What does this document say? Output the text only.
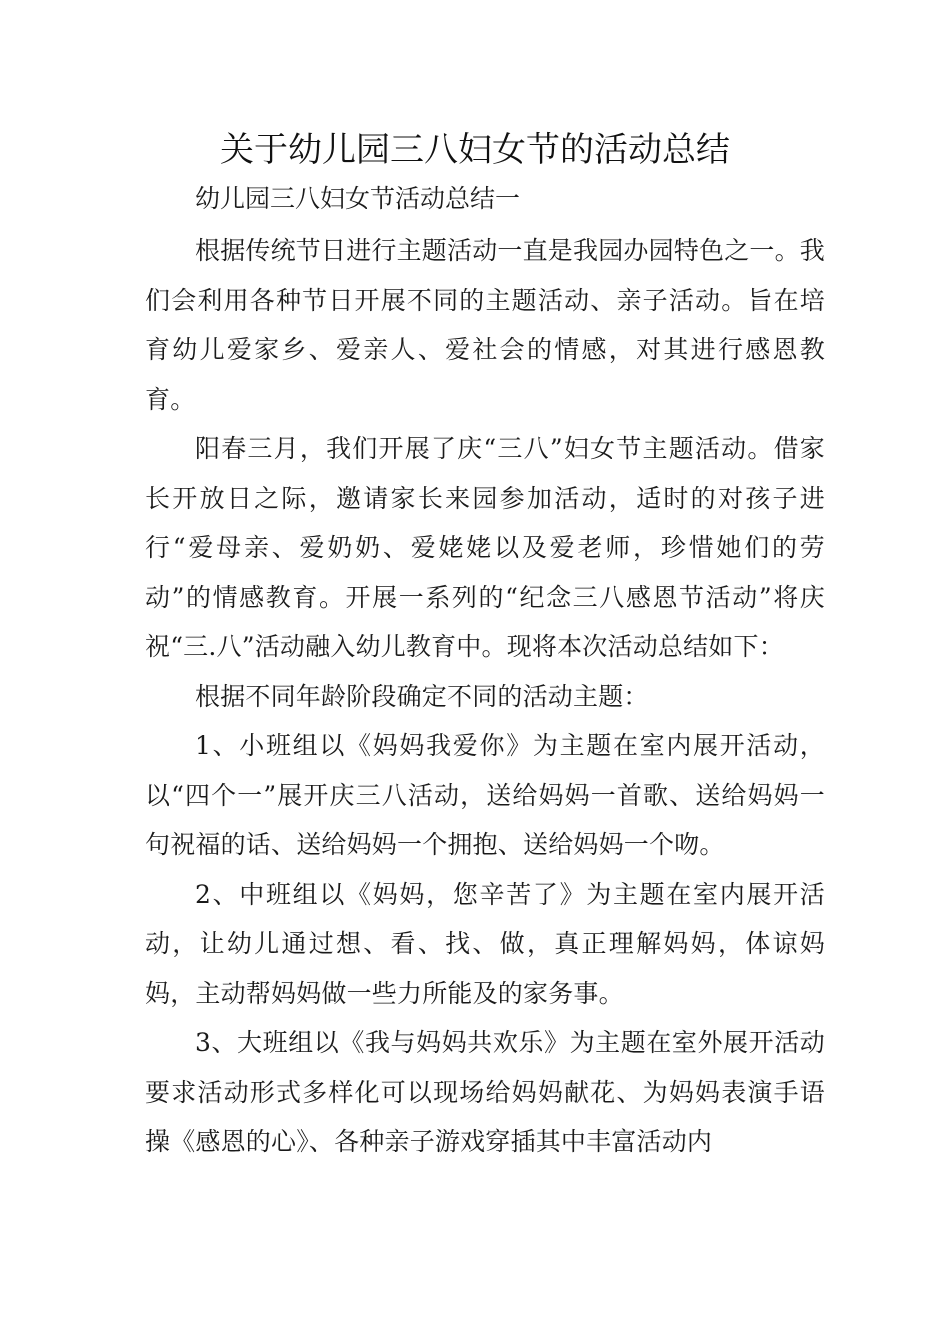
关于幼儿园三八妇女节的活动总结
幼儿园三八妇女节活动总结一

根据传统节日进行主题活动一直是我园办园特色之一。我们会利用各种节日开展不同的主题活动、亲子活动。旨在培育幼儿爱家乡、爱亲人、爱社会的情感，对其进行感恩教育。

阳春三月，我们开展了庆“三八”妇女节主题活动。借家长开放日之际，邀请家长来园参加活动，适时的对孩子进行“爱母亲、爱奶奶、爱姥姥以及爱老师，珍惜她们的劳动”的情感教育。开展一系列的“纪念三八感恩节活动”将庆祝“三.八”活动融入幼儿教育中。现将本次活动总结如下：

根据不同年龄阶段确定不同的活动主题：

1、小班组以《妈妈我爱你》为主题在室内展开活动，以“四个一”展开庆三八活动，送给妈妈一首歌、送给妈妈一句祝福的话、送给妈妈一个拥抱、送给妈妈一个吻。

2、中班组以《妈妈，您辛苦了》为主题在室内展开活动，让幼儿通过想、看、找、做，真正理解妈妈，体谅妈妈，主动帮妈妈做一些力所能及的家务事。

3、大班组以《我与妈妈共欢乐》为主题在室外展开活动要求活动形式多样化可以现场给妈妈献花、为妈妈表演手语操《感恩的心》、各种亲子游戏穿插其中丰富活动内
